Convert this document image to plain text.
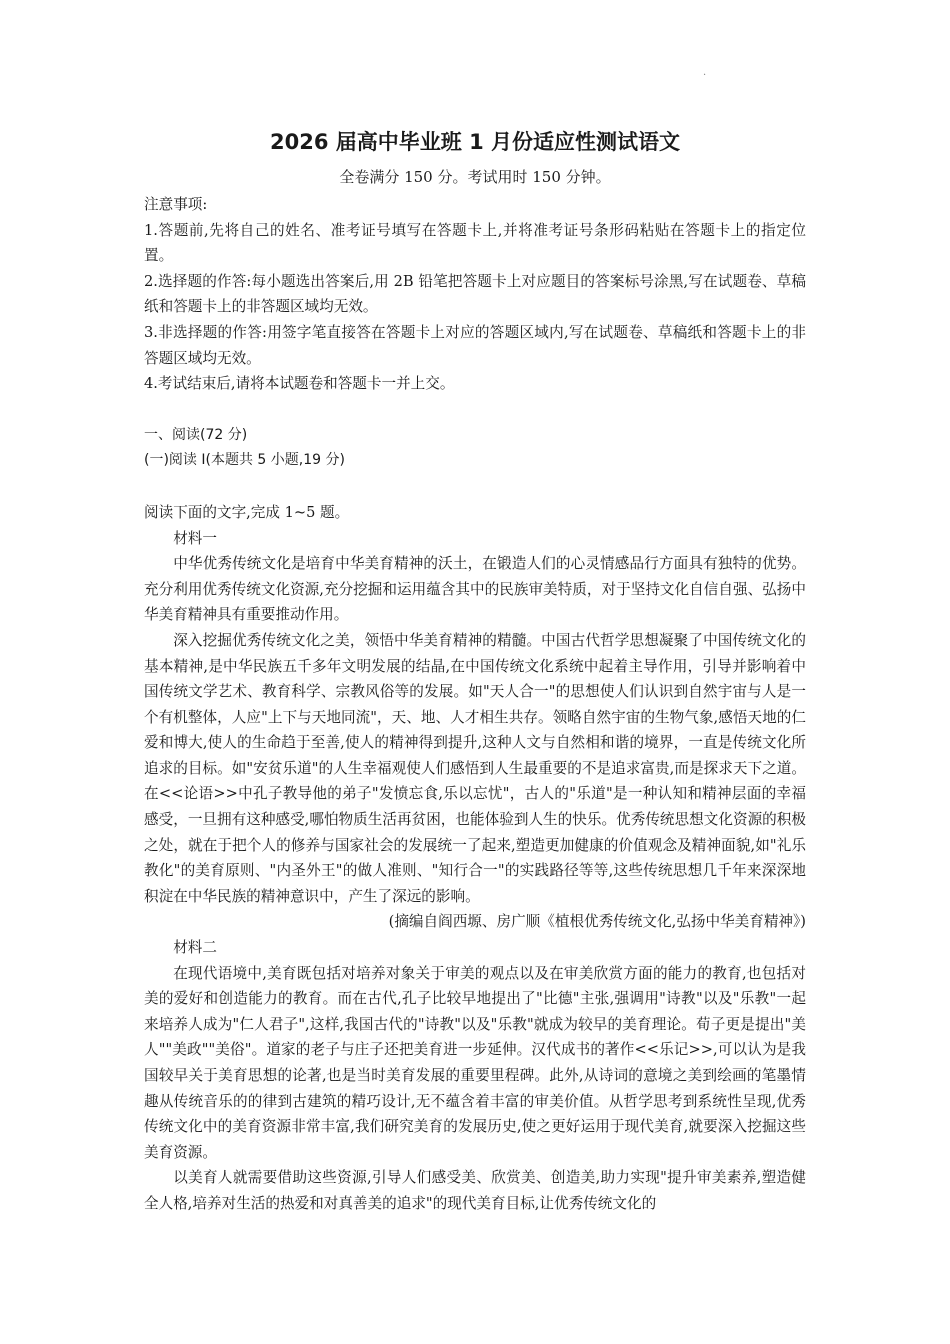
·
2026 届高中毕业班 1 月份适应性测试语文
全卷满分 150 分。考试用时 150 分钟。

注意事项:

1.答题前,先将自己的姓名、准考证号填写在答题卡上,并将准考证号条形码粘贴在答题卡上的指定位置。

2.选择题的作答:每小题选出答案后,用 2B 铅笔把答题卡上对应题目的答案标号涂黑,写在试题卷、草稿纸和答题卡上的非答题区域均无效。

3.非选择题的作答:用签字笔直接答在答题卡上对应的答题区域内,写在试题卷、草稿纸和答题卡上的非答题区域均无效。

4.考试结束后,请将本试题卷和答题卡一并上交。

一、阅读(72 分)

(一)阅读 I(本题共 5 小题,19 分)

阅读下面的文字,完成 1~5 题。

材料一

中华优秀传统文化是培育中华美育精神的沃土，在锻造人们的心灵情感品行方面具有独特的优势。充分利用优秀传统文化资源,充分挖掘和运用蕴含其中的民族审美特质，对于坚持文化自信自强、弘扬中华美育精神具有重要推动作用。

深入挖掘优秀传统文化之美，领悟中华美育精神的精髓。中国古代哲学思想凝聚了中国传统文化的基本精神,是中华民族五千多年文明发展的结晶,在中国传统文化系统中起着主导作用，引导并影响着中国传统文学艺术、教育科学、宗教风俗等的发展。如"天人合一"的思想使人们认识到自然宇宙与人是一个有机整体，人应"上下与天地同流"，天、地、人才相生共存。领略自然宇宙的生物气象,感悟天地的仁爱和博大,使人的生命趋于至善,使人的精神得到提升,这种人文与自然相和谐的境界，一直是传统文化所追求的目标。如"安贫乐道"的人生幸福观使人们感悟到人生最重要的不是追求富贵,而是探求天下之道。在<<论语>>中孔子教导他的弟子"发愤忘食,乐以忘忧"，古人的"乐道"是一种认知和精神层面的幸福感受，一旦拥有这种感受,哪怕物质生活再贫困，也能体验到人生的快乐。优秀传统思想文化资源的积极之处，就在于把个人的修养与国家社会的发展统一了起来,塑造更加健康的价值观念及精神面貌,如"礼乐教化"的美育原则、"内圣外王"的做人准则、"知行合一"的实践路径等等,这些传统思想几千年来深深地积淀在中华民族的精神意识中，产生了深远的影响。

(摘编自阎西塬、房广顺《植根优秀传统文化,弘扬中华美育精神》)

材料二

在现代语境中,美育既包括对培养对象关于审美的观点以及在审美欣赏方面的能力的教育,也包括对美的爱好和创造能力的教育。而在古代,孔子比较早地提出了"比德"主张,强调用"诗教"以及"乐教"一起来培养人成为"仁人君子",这样,我国古代的"诗教"以及"乐教"就成为较早的美育理论。荀子更是提出"美人""美政""美俗"。道家的老子与庄子还把美育进一步延伸。汉代成书的著作<<乐记>>,可以认为是我国较早关于美育思想的论著,也是当时美育发展的重要里程碑。此外,从诗词的意境之美到绘画的笔墨情趣从传统音乐的的律到古建筑的精巧设计,无不蕴含着丰富的审美价值。从哲学思考到系统性呈现,优秀传统文化中的美育资源非常丰富,我们研究美育的发展历史,使之更好运用于现代美育,就要深入挖掘这些美育资源。

以美育人就需要借助这些资源,引导人们感受美、欣赏美、创造美,助力实现"提升审美素养,塑造健全人格,培养对生活的热爱和对真善美的追求"的现代美育目标,让优秀传统文化的
